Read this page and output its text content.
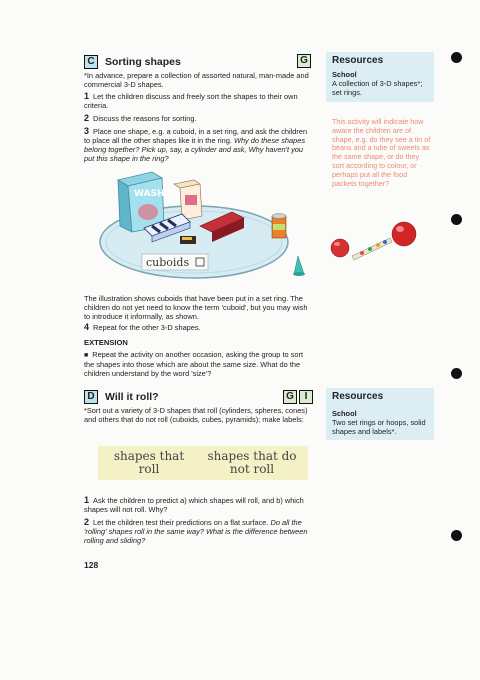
C Sorting shapes	G
*In advance, prepare a collection of assorted natural, man-made and commercial 3-D shapes.
1 Let the children discuss and freely sort the shapes to their own criteria.
2 Discuss the reasons for sorting.
3 Place one shape, e.g. a cuboid, in a set ring, and ask the children to place all the other shapes like it in the ring. Why do these shapes belong together? Pick up, say, a cylinder and ask, Why haven't you put this shape in the ring?
Resources
School
A collection of 3-D shapes*; set rings.
This activity will indicate how aware the children are of shape, e.g. do they see a tin of beans and a tube of sweets as the same shape, or do they sort according to colour, or perhaps put all the food packets together?
WASHO
cuboids
The illustration shows cuboids that have been put in a set ring. The children do not yet need to know the term 'cuboid', but you may wish to introduce it informally, as shown.
4 Repeat for the other 3-D shapes.
EXTENSION
■ Repeat the activity on another occasion, asking the group to sort the shapes into those which are about the same size. What do the children understand by the word 'size'?
D Will it roll?	G	I
*Sort out a variety of 3-D shapes that roll (cylinders, spheres, cones) and others that do not roll (cuboids, cubes, pyramids); make labels:
shapes that roll
shapes that do not roll
1 Ask the children to predict a) which shapes will roll, and b) which shapes will not roll. Why?
2 Let the children test their predictions on a flat surface. Do all the 'rolling' shapes roll in the same way? What is the difference between rolling and sliding?
Resources
School
Two set rings or hoops, solid shapes and labels*.
128
